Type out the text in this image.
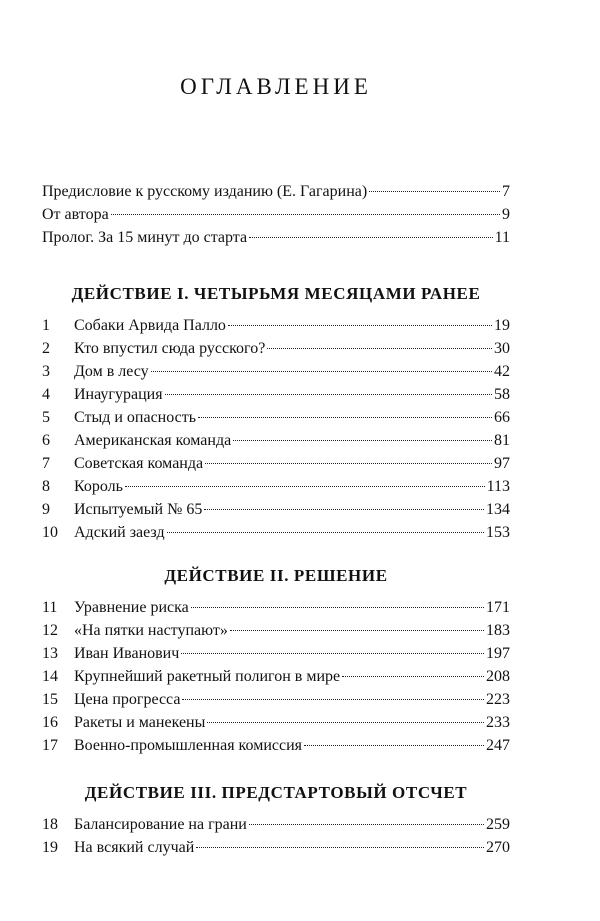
ОГЛАВЛЕНИЕ
Предисловие к русскому изданию (Е. Гагарина)	7
От автора	9
Пролог. За 15 минут до старта	11
ДЕЙСТВИЕ I. ЧЕТЫРЬМЯ МЕСЯЦАМИ РАНЕЕ
1	Собаки Арвида Палло	19
2	Кто впустил сюда русского?	30
3	Дом в лесу	42
4	Инаугурация	58
5	Стыд и опасность	66
6	Американская команда	81
7	Советская команда	97
8	Король	113
9	Испытуемый № 65	134
10	Адский заезд	153
ДЕЙСТВИЕ II. РЕШЕНИЕ
11	Уравнение риска	171
12	«На пятки наступают»	183
13	Иван Иванович	197
14	Крупнейший ракетный полигон в мире	208
15	Цена прогресса	223
16	Ракеты и манекены	233
17	Военно-промышленная комиссия	247
ДЕЙСТВИЕ III. ПРЕДСТАРТОВЫЙ ОТСЧЕТ
18	Балансирование на грани	259
19	На всякий случай	270
